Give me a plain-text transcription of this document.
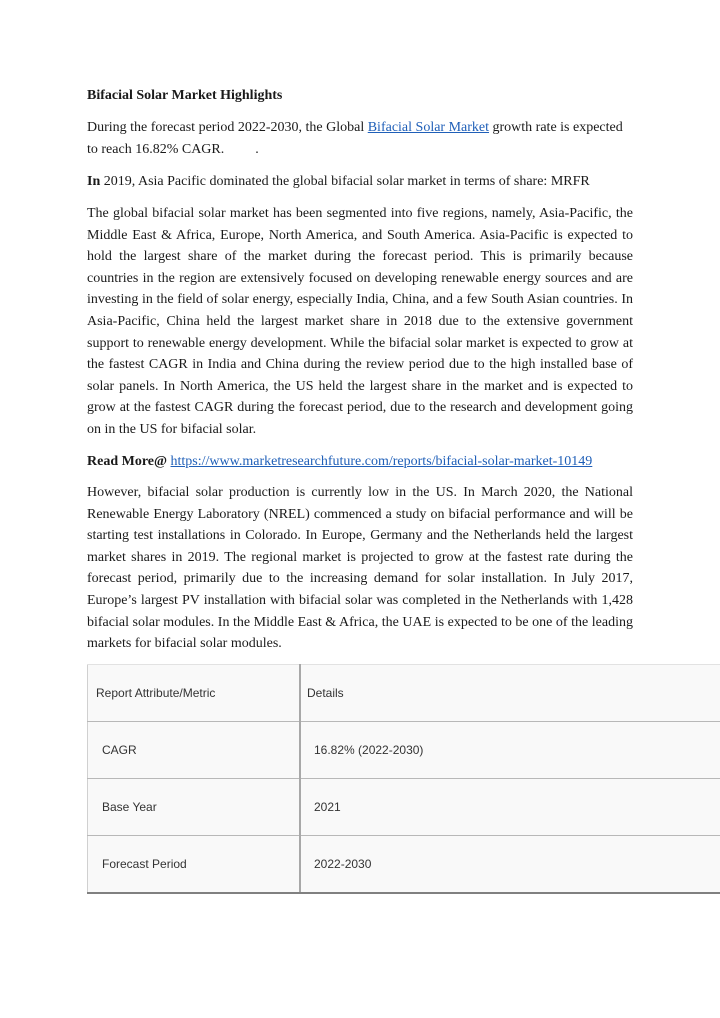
Bifacial Solar Market Highlights

During the forecast period 2022-2030, the Global Bifacial Solar Market growth rate is expected to reach 16.82% CAGR. .

In 2019, Asia Pacific dominated the global bifacial solar market in terms of share: MRFR

The global bifacial solar market has been segmented into five regions, namely, Asia-Pacific, the Middle East & Africa, Europe, North America, and South America. Asia-Pacific is expected to hold the largest share of the market during the forecast period. This is primarily because countries in the region are extensively focused on developing renewable energy sources and are investing in the field of solar energy, especially India, China, and a few South Asian countries. In Asia-Pacific, China held the largest market share in 2018 due to the extensive government support to renewable energy development. While the bifacial solar market is expected to grow at the fastest CAGR in India and China during the review period due to the high installed base of solar panels. In North America, the US held the largest share in the market and is expected to grow at the fastest CAGR during the forecast period, due to the research and development going on in the US for bifacial solar.

Read More@ https://www.marketresearchfuture.com/reports/bifacial-solar-market-10149

However, bifacial solar production is currently low in the US. In March 2020, the National Renewable Energy Laboratory (NREL) commenced a study on bifacial performance and will be starting test installations in Colorado. In Europe, Germany and the Netherlands held the largest market shares in 2019. The regional market is projected to grow at the fastest rate during the forecast period, primarily due to the increasing demand for solar installation. In July 2017, Europe’s largest PV installation with bifacial solar was completed in the Netherlands with 1,428 bifacial solar modules. In the Middle East & Africa, the UAE is expected to be one of the leading markets for bifacial solar modules.

Report Attribute/Metric	Details
CAGR	16.82% (2022-2030)
Base Year	2021
Forecast Period	2022-2030
